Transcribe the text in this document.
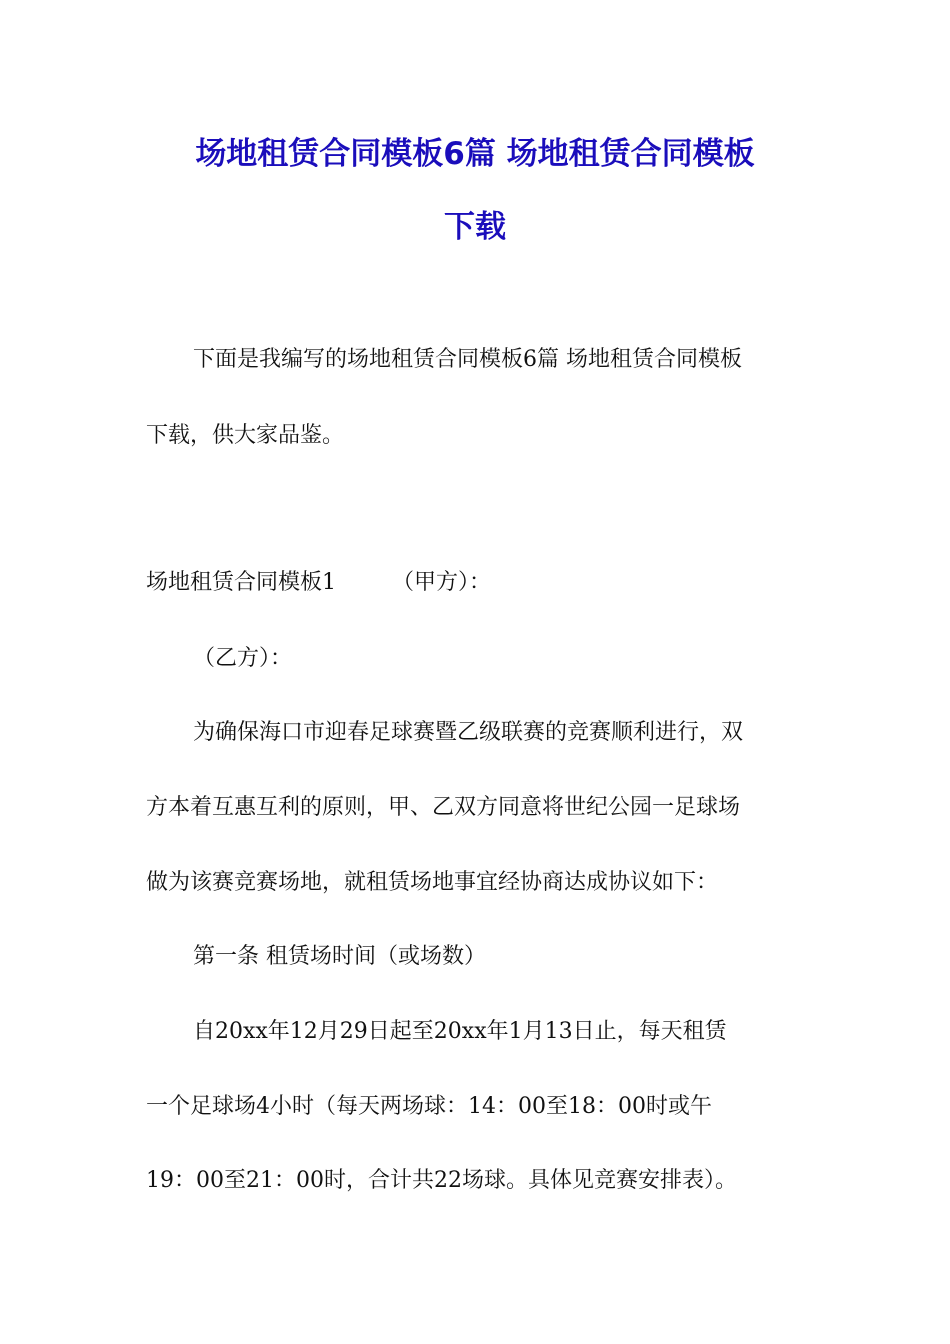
场地租赁合同模板6篇 场地租赁合同模板
下载
下面是我编写的场地租赁合同模板6篇 场地租赁合同模板
下载，供大家品鉴。
场地租赁合同模板1        （甲方）：
（乙方）：
为确保海口市迎春足球赛暨乙级联赛的竞赛顺利进行，双
方本着互惠互利的原则，甲、乙双方同意将世纪公园一足球场
做为该赛竞赛场地，就租赁场地事宜经协商达成协议如下：
第一条 租赁场时间（或场数）
自20xx年12月29日起至20xx年1月13日止，每天租赁
一个足球场4小时（每天两场球：14：00至18：00时或午
19：00至21：00时，合计共22场球。具体见竞赛安排表）。
